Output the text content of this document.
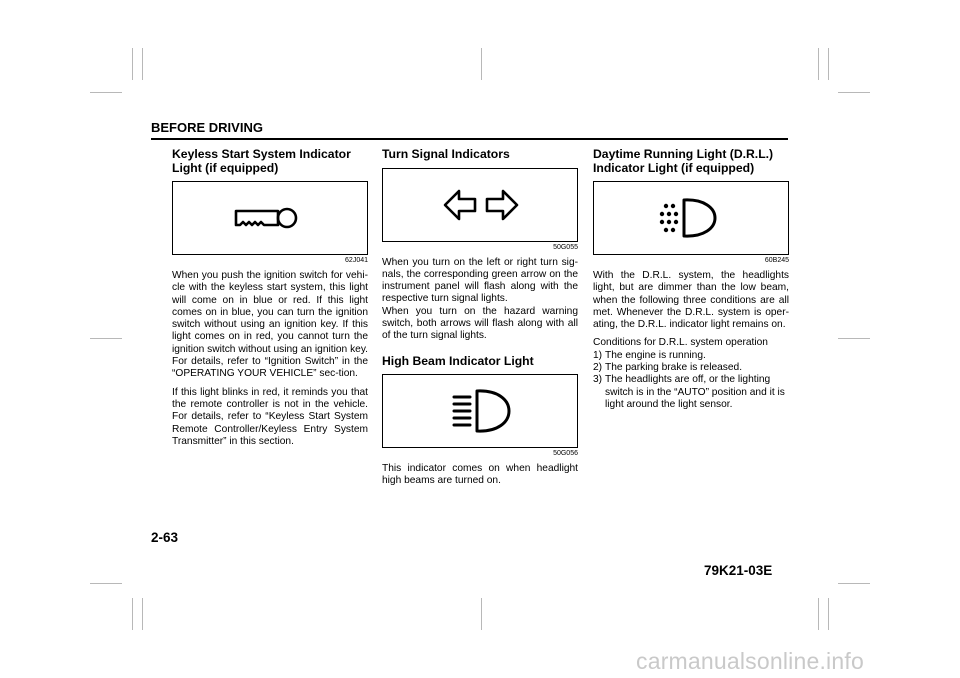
BEFORE DRIVING
Keyless Start System Indicator Light (if equipped)
62J041

When you push the ignition switch for vehi-cle with the keyless start system, this light will come on in blue or red. If this light comes on in blue, you can turn the ignition switch without using an ignition key. If this light comes on in red, you cannot turn the ignition switch without using an ignition key. For details, refer to “Ignition Switch” in the “OPERATING YOUR VEHICLE” sec-tion.

If this light blinks in red, it reminds you that the remote controller is not in the vehicle. For details, refer to “Keyless Start System Remote Controller/Keyless Entry System Transmitter” in this section.

Turn Signal Indicators
50G055

When you turn on the left or right turn sig-nals, the corresponding green arrow on the instrument panel will flash along with the respective turn signal lights.

When you turn on the hazard warning switch, both arrows will flash along with all of the turn signal lights.

High Beam Indicator Light
50G056

This indicator comes on when headlight high beams are turned on.

Daytime Running Light (D.R.L.) Indicator Light (if equipped)
60B245

With the D.R.L. system, the headlights light, but are dimmer than the low beam, when the following three conditions are all met. Whenever the D.R.L. system is oper-ating, the D.R.L. indicator light remains on.

Conditions for D.R.L. system operation
1) The engine is running.
2) The parking brake is released.
3) The headlights are off, or the lighting switch is in the “AUTO” position and it is light around the light sensor.
2-63
79K21-03E
carmanualsonline.info
